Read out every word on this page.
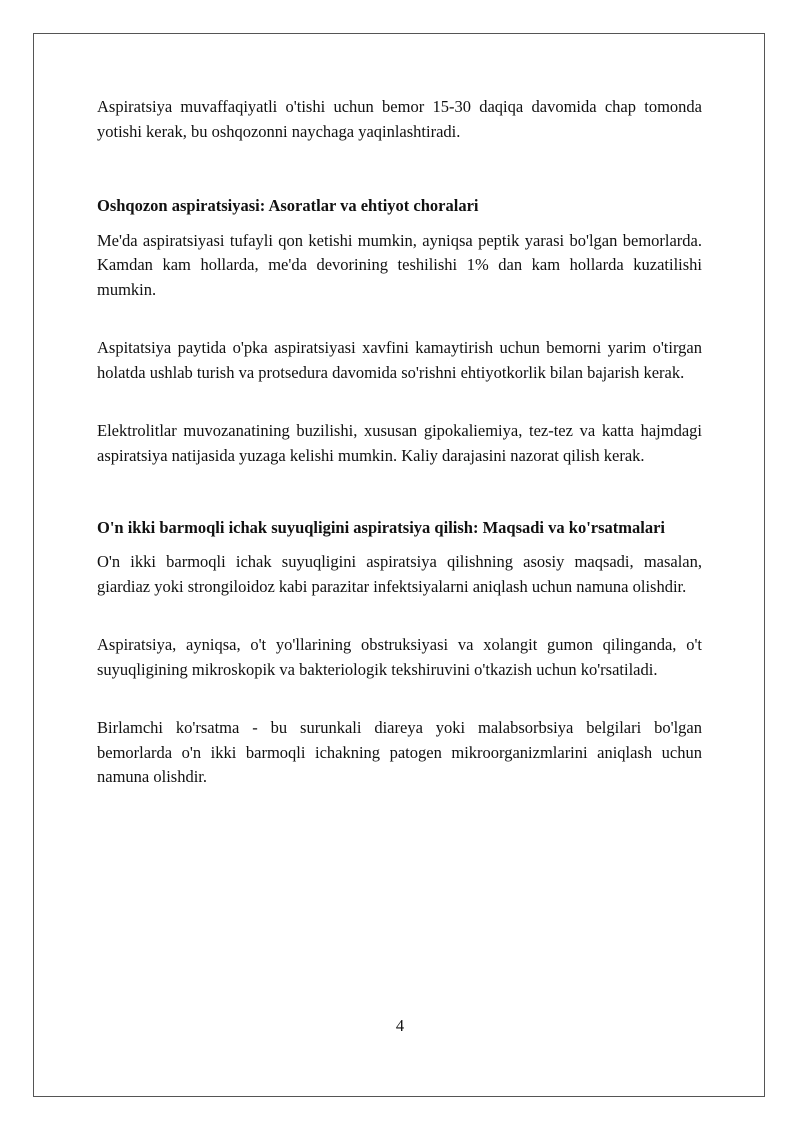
Aspiratsiya muvaffaqiyatli o'tishi uchun bemor 15-30 daqiqa davomida chap tomonda yotishi kerak, bu oshqozonni naychaga yaqinlashtiradi.

Oshqozon aspiratsiyasi: Asoratlar va ehtiyot choralari

Me'da aspiratsiyasi tufayli qon ketishi mumkin, ayniqsa peptik yarasi bo'lgan bemorlarda. Kamdan kam hollarda, me'da devorining teshilishi 1% dan kam hollarda kuzatilishi mumkin.

Aspitatsiya paytida o'pka aspiratsiyasi xavfini kamaytirish uchun bemorni yarim o'tirgan holatda ushlab turish va protsedura davomida so'rishni ehtiyotkorlik bilan bajarish kerak.

Elektrolitlar muvozanatining buzilishi, xususan gipokaliemiya, tez-tez va katta hajmdagi aspiratsiya natijasida yuzaga kelishi mumkin. Kaliy darajasini nazorat qilish kerak.

O'n ikki barmoqli ichak suyuqligini aspiratsiya qilish: Maqsadi va ko'rsatmalari

O'n ikki barmoqli ichak suyuqligini aspiratsiya qilishning asosiy maqsadi, masalan, giardiaz yoki strongiloidoz kabi parazitar infektsiyalarni aniqlash uchun namuna olishdir.

Aspiratsiya, ayniqsa, o't yo'llarining obstruksiyasi va xolangit gumon qilinganda, o't suyuqligining mikroskopik va bakteriologik tekshiruvini o'tkazish uchun ko'rsatiladi.

Birlamchi ko'rsatma - bu surunkali diareya yoki malabsorbsiya belgilari bo'lgan bemorlarda o'n ikki barmoqli ichakning patogen mikroorganizmlarini aniqlash uchun namuna olishdir.

4
